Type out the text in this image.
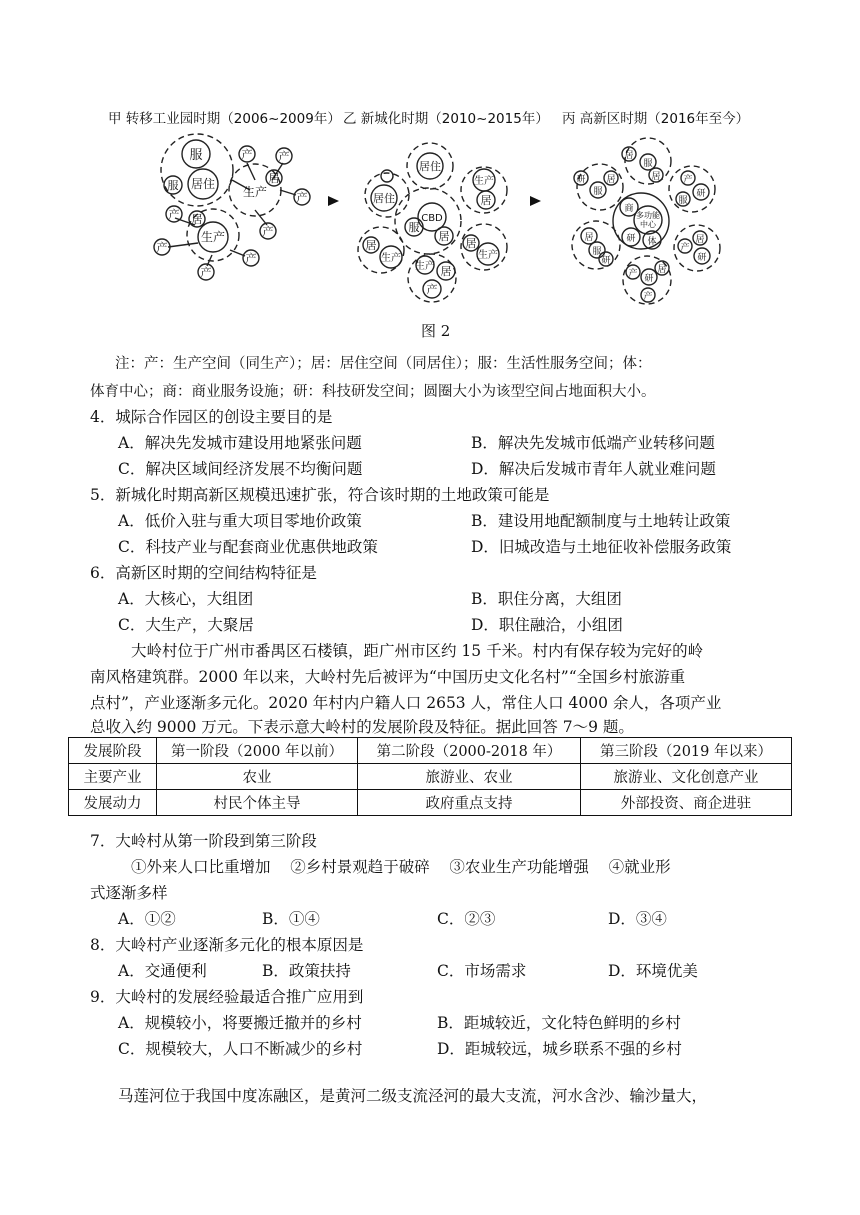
甲 转移工业园时期（2006~2009年） 乙 新城化时期（2010~2015年） 丙 高新区时期（2016年至今）
服
居住
服	生产
居
产 产
产
产
居
产
产
产
产
生产
CBD
服
居
居住
居住
生产
居
居
生产
居
生产
生产 居
产
商
多功能
中心
研 体
居
服
居
服
研 居	产
研
服
居
服
研
产
居
研
产 研
产
居
图 2
注：产：生产空间（同生产）；居：居住空间（同居住）；服：生活性服务空间；体：
体育中心；商：商业服务设施；研：科技研发空间；圆圈大小为该型空间占地面积大小。
4．城际合作园区的创设主要目的是
A．解决先发城市建设用地紧张问题	B．解决先发城市低端产业转移问题
C．解决区域间经济发展不均衡问题	D．解决后发城市青年人就业难问题
5．新城化时期高新区规模迅速扩张，符合该时期的土地政策可能是
A．低价入驻与重大项目零地价政策	B．建设用地配额制度与土地转让政策
C．科技产业与配套商业优惠供地政策	D．旧城改造与土地征收补偿服务政策
6．高新区时期的空间结构特征是
A．大核心，大组团	B．职住分离，大组团
C．大生产，大聚居	D．职住融洽，小组团
大岭村位于广州市番禺区石楼镇，距广州市区约 15 千米。村内有保存较为完好的岭
南风格建筑群。2000 年以来，大岭村先后被评为“中国历史文化名村”“全国乡村旅游重
点村”，产业逐渐多元化。2020 年村内户籍人口 2653 人，常住人口 4000 余人，各项产业
总收入约 9000 万元。下表示意大岭村的发展阶段及特征。据此回答 7～9 题。
发展阶段	第一阶段（2000 年以前）	第二阶段（2000-2018 年）	第三阶段（2019 年以来）
主要产业	农业	旅游业、农业	旅游业、文化创意产业
发展动力	村民个体主导	政府重点支持	外部投资、商企进驻
7．大岭村从第一阶段到第三阶段
①外来人口比重增加    ②乡村景观趋于破碎    ③农业生产功能增强    ④就业形
式逐渐多样
A．①②	B．①④	C．②③	D．③④
8．大岭村产业逐渐多元化的根本原因是
A．交通便利	B．政策扶持	C．市场需求	D．环境优美
9．大岭村的发展经验最适合推广应用到
A．规模较小，将要搬迁撤并的乡村	B．距城较近，文化特色鲜明的乡村
C．规模较大，人口不断减少的乡村	D．距城较远，城乡联系不强的乡村
马莲河位于我国中度冻融区，是黄河二级支流泾河的最大支流，河水含沙、输沙量大，
